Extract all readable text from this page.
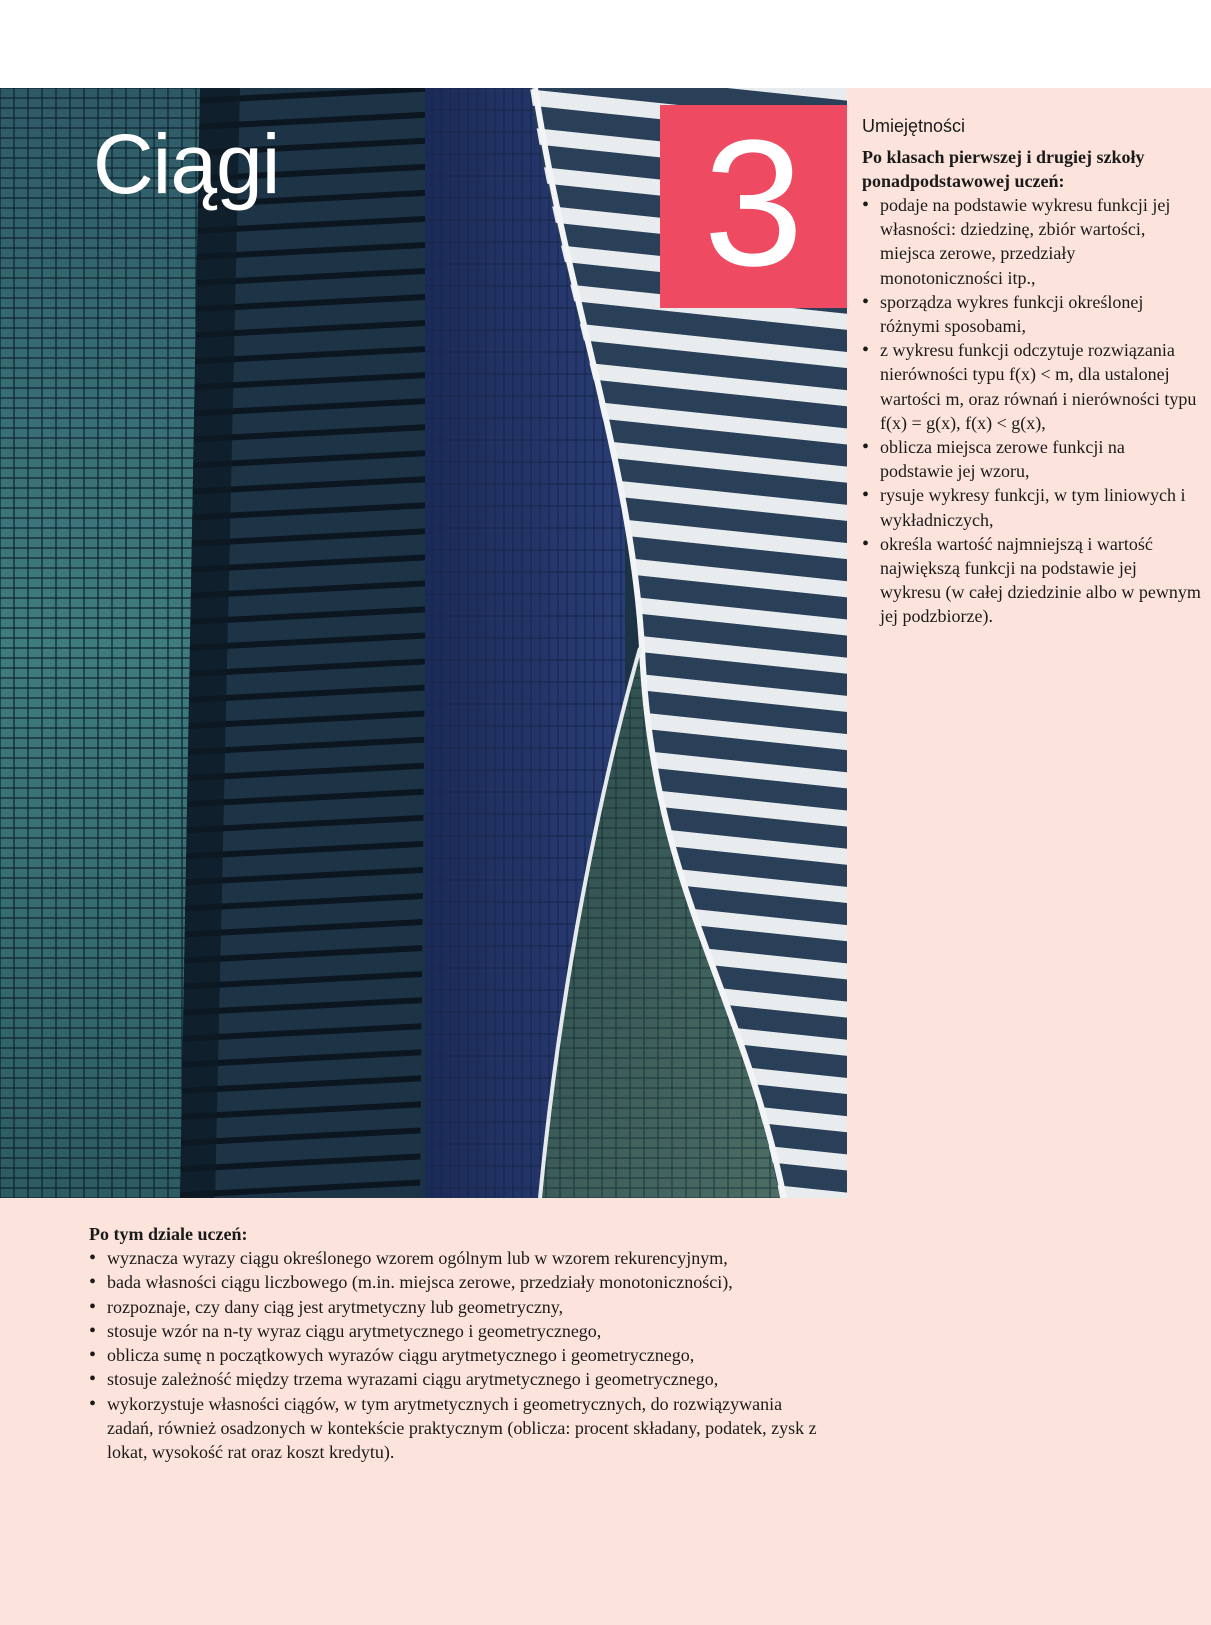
Ciągi 3	Umiejętności

Po klasach pierwszej i drugiej szkoły ponadpodstawowej uczeń:

• podaje na podstawie wykresu funkcji jej własności: dziedzinę, zbiór wartości, miejsca zerowe, przedziały monotoniczności itp.,
• sporządza wykres funkcji określonej różnymi sposobami,
• z wykresu funkcji odczytuje rozwiązania nierówności typu f(x) < m, dla ustalonej wartości m, oraz równań i nierówności typu f(x) = g(x), f(x) < g(x),
• oblicza miejsca zerowe funkcji na podstawie jej wzoru,
• rysuje wykresy funkcji, w tym liniowych i wykładniczych,
• określa wartość najmniejszą i wartość największą funkcji na podstawie jej wykresu (w całej dziedzinie albo w pewnym jej podzbiorze).

Po tym dziale uczeń:

• wyznacza wyrazy ciągu określonego wzorem ogólnym lub w wzorem rekurencyjnym,
• bada własności ciągu liczbowego (m.in. miejsca zerowe, przedziały monotoniczności),
• rozpoznaje, czy dany ciąg jest arytmetyczny lub geometryczny,
• stosuje wzór na n-ty wyraz ciągu arytmetycznego i geometrycznego,
• oblicza sumę n początkowych wyrazów ciągu arytmetycznego i geometrycznego,
• stosuje zależność między trzema wyrazami ciągu arytmetycznego i geometrycznego,
• wykorzystuje własności ciągów, w tym arytmetycznych i geometrycznych, do rozwiązywania zadań, również osadzonych w kontekście praktycznym (oblicza: procent składany, podatek, zysk z lokat, wysokość rat oraz koszt kredytu).
